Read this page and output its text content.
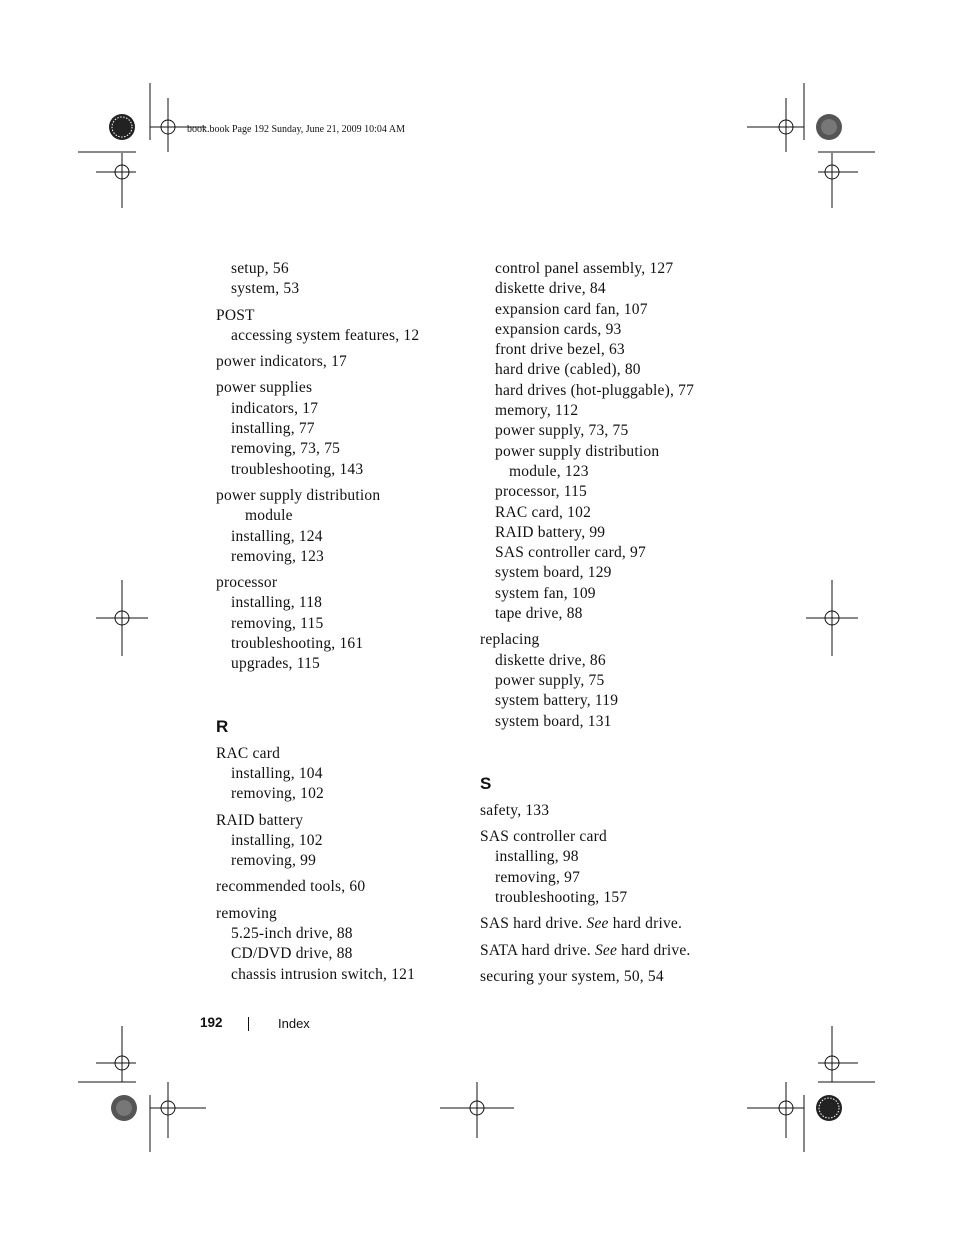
book.book Page 192 Sunday, June 21, 2009 10:04 AM
setup, 56
system, 53
POST
accessing system features, 12
power indicators, 17
power supplies
indicators, 17
installing, 77
removing, 73, 75
troubleshooting, 143
power supply distribution
module
installing, 124
removing, 123
processor
installing, 118
removing, 115
troubleshooting, 161
upgrades, 115
R
RAC card
installing, 104
removing, 102
RAID battery
installing, 102
removing, 99
recommended tools, 60
removing
5.25-inch drive, 88
CD/DVD drive, 88
chassis intrusion switch, 121
control panel assembly, 127
diskette drive, 84
expansion card fan, 107
expansion cards, 93
front drive bezel, 63
hard drive (cabled), 80
hard drives (hot-pluggable), 77
memory, 112
power supply, 73, 75
power supply distribution
module, 123
processor, 115
RAC card, 102
RAID battery, 99
SAS controller card, 97
system board, 129
system fan, 109
tape drive, 88
replacing
diskette drive, 86
power supply, 75
system battery, 119
system board, 131
S
safety, 133
SAS controller card
installing, 98
removing, 97
troubleshooting, 157
SAS hard drive. See hard drive.
SATA hard drive. See hard drive.
securing your system, 50, 54
192	Index
